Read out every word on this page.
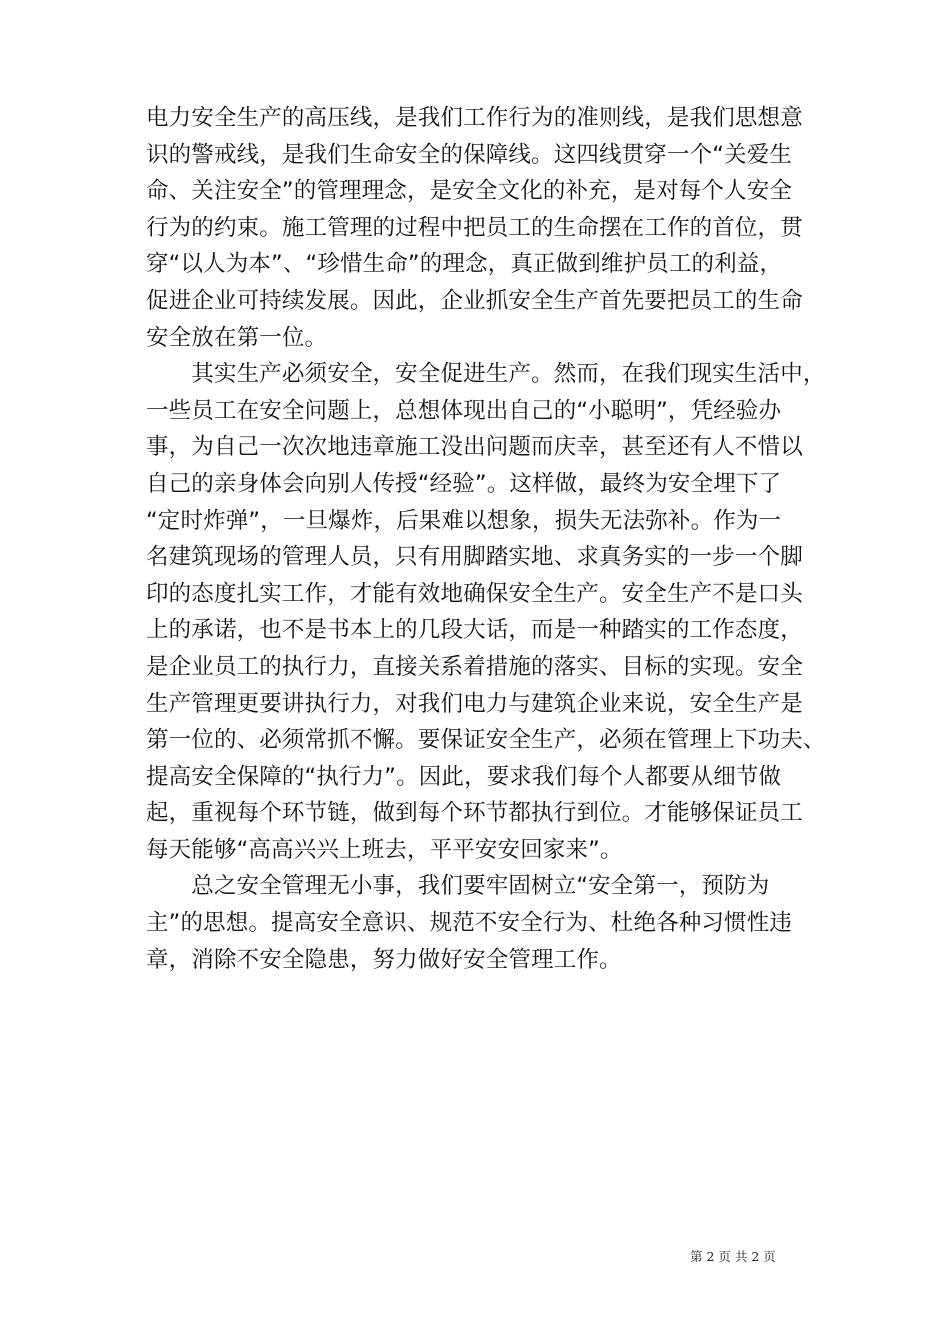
电力安全生产的高压线，是我们工作行为的准则线，是我们思想意
识的警戒线，是我们生命安全的保障线。这四线贯穿一个“关爱生
命、关注安全”的管理理念，是安全文化的补充，是对每个人安全
行为的约束。施工管理的过程中把员工的生命摆在工作的首位，贯
穿“以人为本”、“珍惜生命”的理念，真正做到维护员工的利益，
促进企业可持续发展。因此，企业抓安全生产首先要把员工的生命
安全放在第一位。
　　其实生产必须安全，安全促进生产。然而，在我们现实生活中，
一些员工在安全问题上，总想体现出自己的“小聪明”，凭经验办
事，为自己一次次地违章施工没出问题而庆幸，甚至还有人不惜以
自己的亲身体会向别人传授“经验”。这样做，最终为安全埋下了
“定时炸弹”，一旦爆炸，后果难以想象，损失无法弥补。作为一
名建筑现场的管理人员，只有用脚踏实地、求真务实的一步一个脚
印的态度扎实工作，才能有效地确保安全生产。安全生产不是口头
上的承诺，也不是书本上的几段大话，而是一种踏实的工作态度，
是企业员工的执行力，直接关系着措施的落实、目标的实现。安全
生产管理更要讲执行力，对我们电力与建筑企业来说，安全生产是
第一位的、必须常抓不懈。要保证安全生产，必须在管理上下功夫、
提高安全保障的“执行力”。因此，要求我们每个人都要从细节做
起，重视每个环节链，做到每个环节都执行到位。才能够保证员工
每天能够“高高兴兴上班去，平平安安回家来”。
　　总之安全管理无小事，我们要牢固树立“安全第一，预防为
主”的思想。提高安全意识、规范不安全行为、杜绝各种习惯性违
章，消除不安全隐患，努力做好安全管理工作。
第 2 页 共 2 页
